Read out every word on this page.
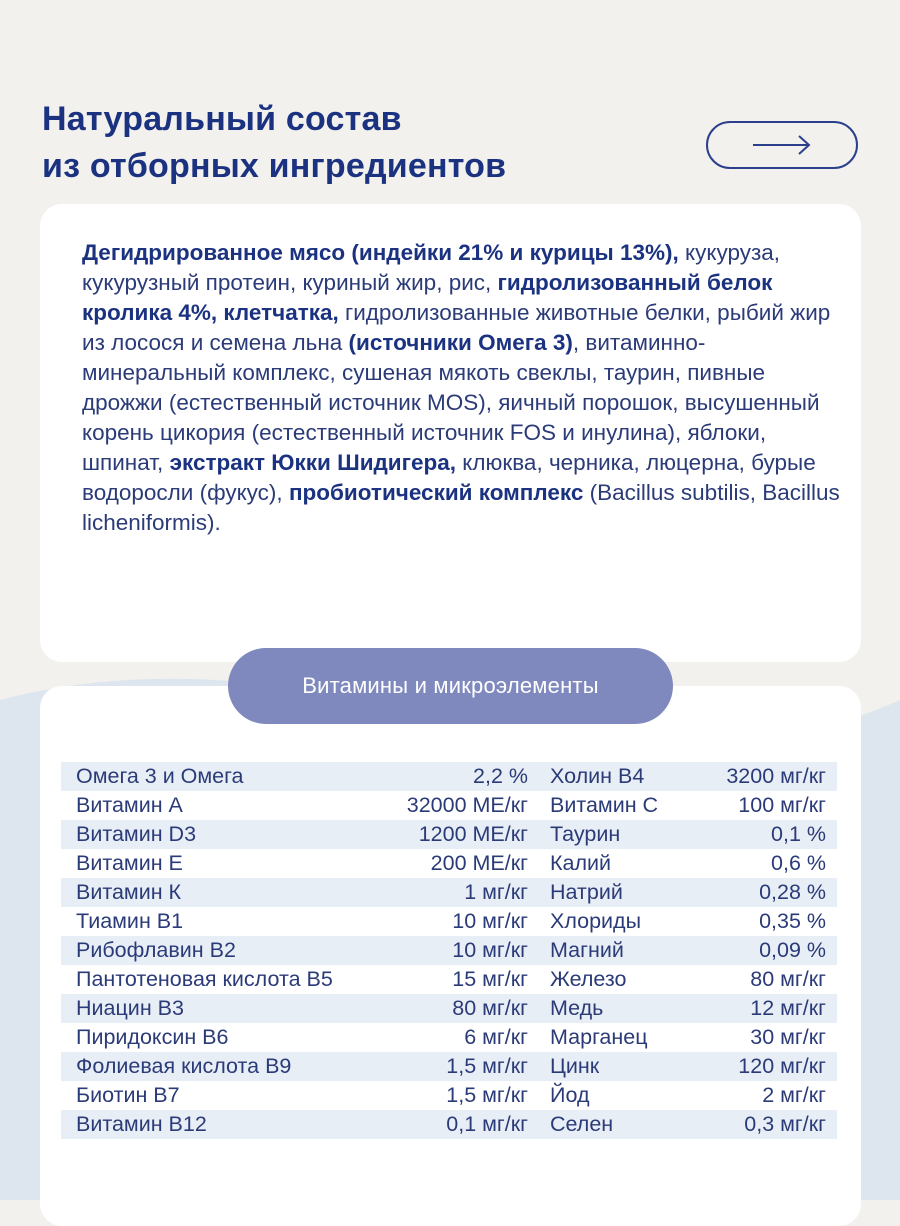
Натуральный состав
из отборных ингредиентов
Дегидрированное мясо (индейки 21% и курицы 13%), кукуруза, кукурузный протеин, куриный жир, рис, гидролизованный белок кролика 4%, клетчатка, гидролизованные животные белки, рыбий жир из лосося и семена льна (источники Омега 3), витаминно-минеральный комплекс, сушеная мякоть свеклы, таурин, пивные дрожжи (естественный источник MOS), яичный порошок, высушенный корень цикория (естественный источник FOS и инулина), яблоки, шпинат, экстракт Юкки Шидигера, клюква, черника, люцерна, бурые водоросли (фукус), пробиотический комплекс (Bacillus subtilis, Bacillus licheniformis).
Витамины и микроэлементы
Омега 3 и Омега	2,2 %	Холин В4	3200 мг/кг
Витамин А	32000 МЕ/кг	Витамин С	100 мг/кг
Витамин D3	1200 МЕ/кг	Таурин	0,1 %
Витамин Е	200 МЕ/кг	Калий	0,6 %
Витамин К	1 мг/кг	Натрий	0,28 %
Тиамин В1	10 мг/кг	Хлориды	0,35 %
Рибофлавин В2	10 мг/кг	Магний	0,09 %
Пантотеновая кислота В5	15 мг/кг	Железо	80 мг/кг
Ниацин В3	80 мг/кг	Медь	12 мг/кг
Пиридоксин В6	6 мг/кг	Марганец	30 мг/кг
Фолиевая кислота В9	1,5 мг/кг	Цинк	120 мг/кг
Биотин В7	1,5 мг/кг	Йод	2 мг/кг
Витамин В12	0,1 мг/кг	Селен	0,3 мг/кг
